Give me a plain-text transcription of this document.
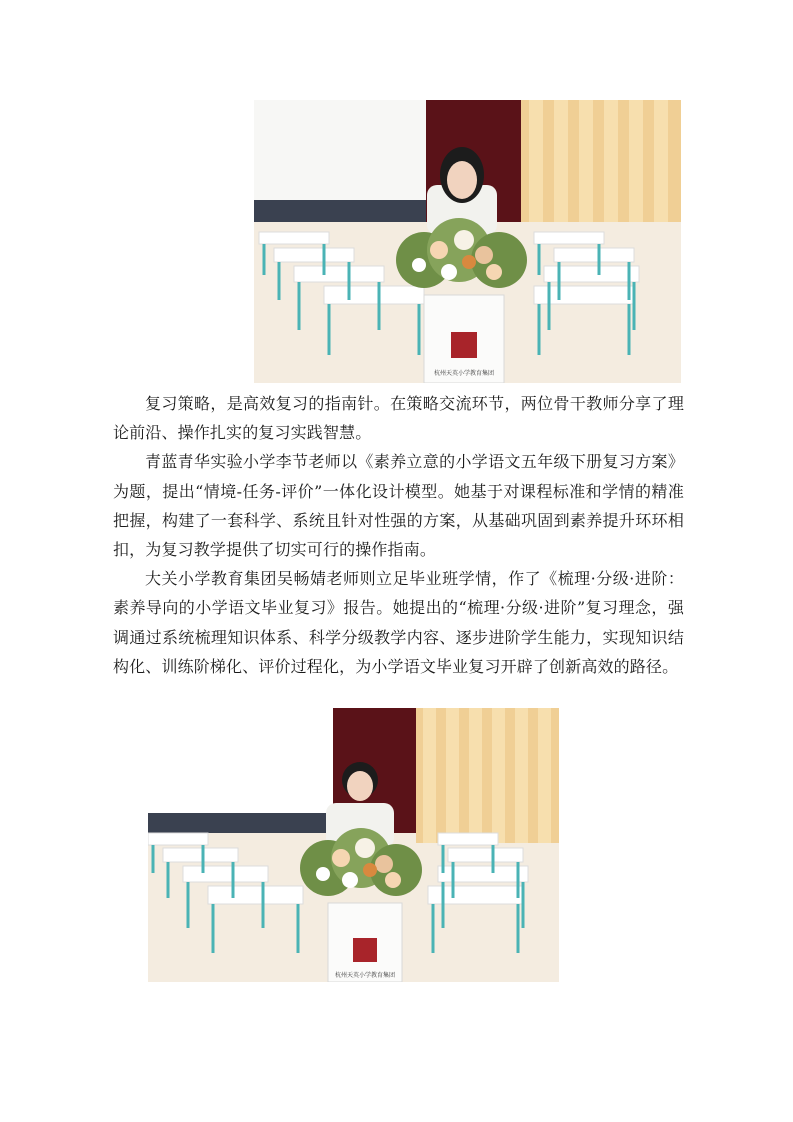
杭州天英小学教育集团

复习策略，是高效复习的指南针。在策略交流环节，两位骨干教师分享了理论前沿、操作扎实的复习实践智慧。

青蓝青华实验小学李节老师以《素养立意的小学语文五年级下册复习方案》为题，提出“情境-任务-评价”一体化设计模型。她基于对课程标准和学情的精准把握，构建了一套科学、系统且针对性强的方案，从基础巩固到素养提升环环相扣，为复习教学提供了切实可行的操作指南。

大关小学教育集团吴畅婧老师则立足毕业班学情，作了《梳理·分级·进阶：素养导向的小学语文毕业复习》报告。她提出的“梳理·分级·进阶”复习理念，强调通过系统梳理知识体系、科学分级教学内容、逐步进阶学生能力，实现知识结构化、训练阶梯化、评价过程化，为小学语文毕业复习开辟了创新高效的路径。

杭州天英小学教育集团
